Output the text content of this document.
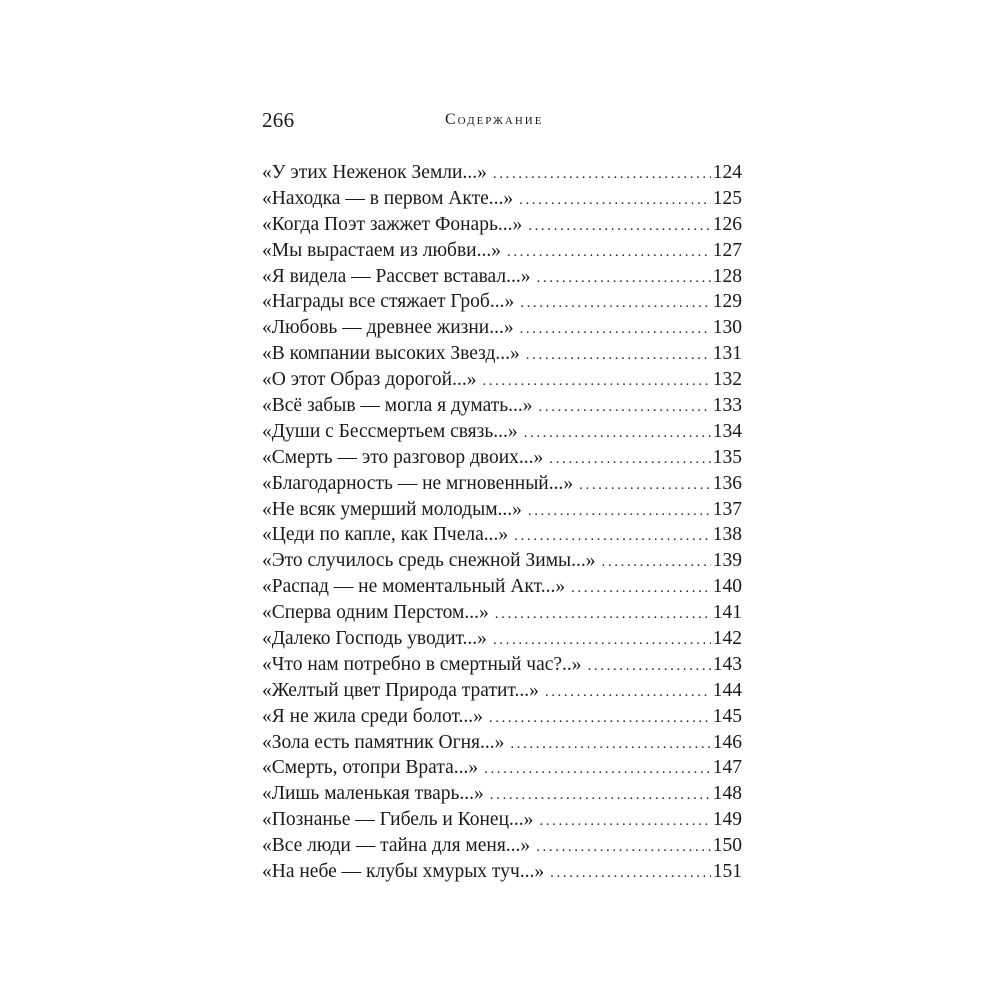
266	Содержание
«У этих Неженок Земли...» .....	124
«Находка — в первом Акте...» .....	125
«Когда Поэт зажжет Фонарь...» .....	126
«Мы вырастаем из любви...» .....	127
«Я видела — Рассвет вставал...» .....	128
«Награды все стяжает Гроб...» .....	129
«Любовь — древнее жизни...» .....	130
«В компании высоких Звезд...» .....	131
«О этот Образ дорогой...» .....	132
«Всё забыв — могла я думать...» .....	133
«Души с Бессмертьем связь...» .....	134
«Смерть — это разговор двоих...» .....	135
«Благодарность — не мгновенный...» .....	136
«Не всяк умерший молодым...» .....	137
«Цеди по капле, как Пчела...» .....	138
«Это случилось средь снежной Зимы...» .....	139
«Распад — не моментальный Акт...» .....	140
«Сперва одним Перстом...» .....	141
«Далеко Господь уводит...» .....	142
«Что нам потребно в смертный час?..» .....	143
«Желтый цвет Природа тратит...» .....	144
«Я не жила среди болот...» .....	145
«Зола есть памятник Огня...» .....	146
«Смерть, отопри Врата...» .....	147
«Лишь маленькая тварь...» .....	148
«Познанье — Гибель и Конец...» .....	149
«Все люди — тайна для меня...» .....	150
«На небе — клубы хмурых туч...» .....	151
